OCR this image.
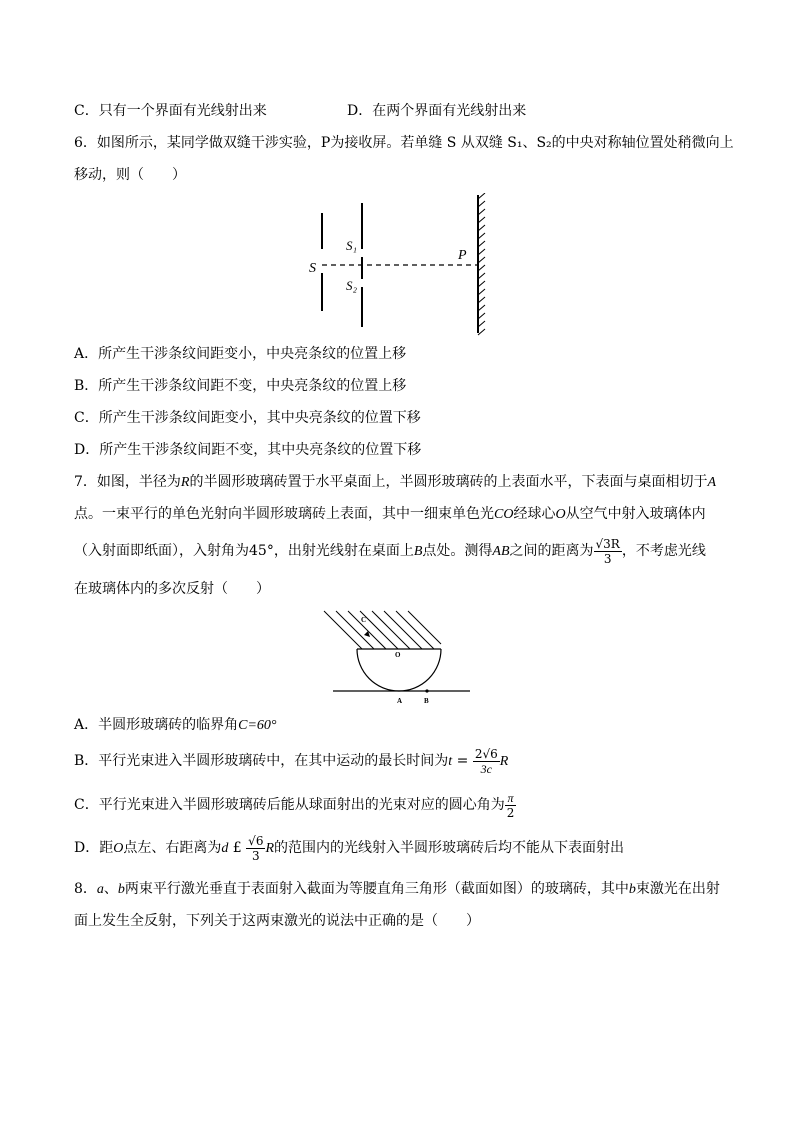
C．只有一个界面有光线射出来	D．在两个界面有光线射出来
6．如图所示，某同学做双缝干涉实验，P为接收屏。若单缝 S 从双缝 S₁、S₂的中央对称轴位置处稍微向上
移动，则（　　）
S
S₁
S₂
P
A．所产生干涉条纹间距变小，中央亮条纹的位置上移
B．所产生干涉条纹间距不变，中央亮条纹的位置上移
C．所产生干涉条纹间距变小，其中央亮条纹的位置下移
D．所产生干涉条纹间距不变，其中央亮条纹的位置下移
7．如图，半径为R的半圆形玻璃砖置于水平桌面上，半圆形玻璃砖的上表面水平，下表面与桌面相切于A
点。一束平行的单色光射向半圆形玻璃砖上表面，其中一细束单色光CO经球心O从空气中射入玻璃体内
（入射面即纸面），入射角为45°，出射光线射在桌面上B点处。测得AB之间的距离为 $\frac{√3R}{3}$ ，不考虑光线
在玻璃体内的多次反射（　　）
C
O
A	B
A．半圆形玻璃砖的临界角C=60°
B．平行光束进入半圆形玻璃砖中，在其中运动的最长时间为$t = \frac{2√6}{3c}$ R
C．平行光束进入半圆形玻璃砖后能从球面射出的光束对应的圆心角为 $\frac{\pi}{2}$
D．距O点左、右距离为d £ $\frac{√6}{3}$ R的范围内的光线射入半圆形玻璃砖后均不能从下表面射出
8．a、b两束平行激光垂直于表面射入截面为等腰直角三角形（截面如图）的玻璃砖，其中b束激光在出射
面上发生全反射，下列关于这两束激光的说法中正确的是（　　）
